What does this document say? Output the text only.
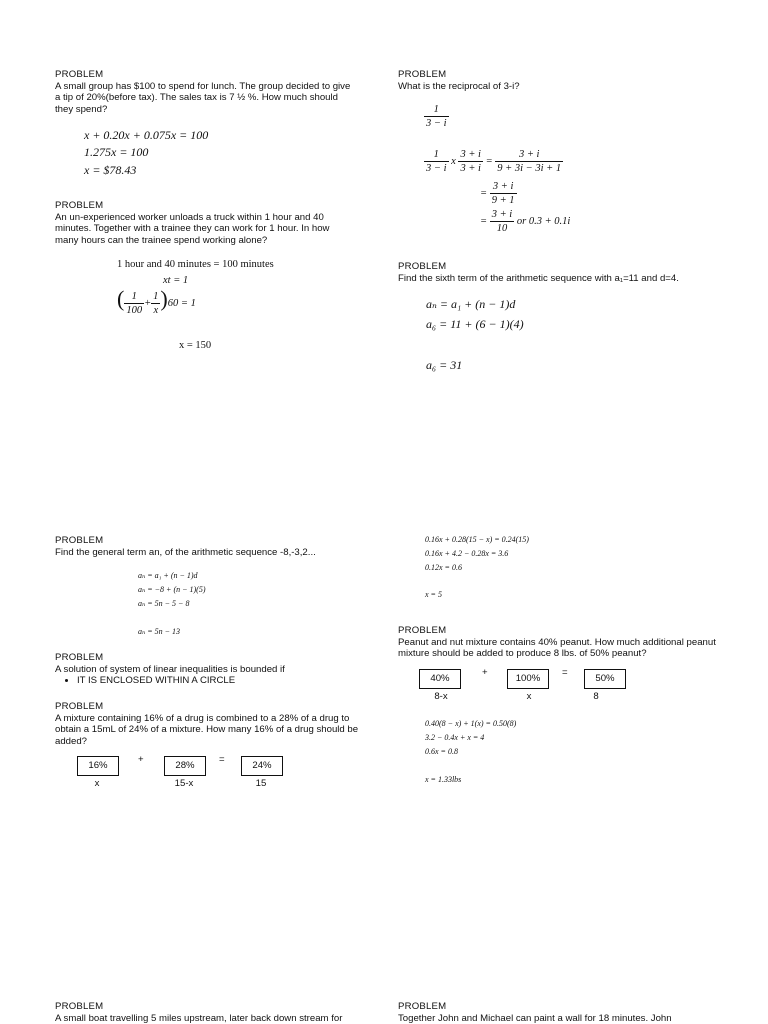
PROBLEM
A small group has $100 to spend for lunch. The group decided to give a tip of 20%(before tax). The sales tax is 7 ½ %. How much should they spend?
x + 0.20x + 0.075x = 100
1.275x = 100
x = $78.43
PROBLEM
What is the reciprocal of 3-i?
$\frac{1}{3 - i}$
$\frac{1}{3 - i}$ x $\frac{3 + i}{3 + i} = \frac{3 + i}{9 + 3i - 3i + 1}$
= $\frac{3 + i}{9 + 1}$
= $\frac{3 + i}{10}$ or 0.3 + 0.1i
PROBLEM
An un-experienced worker unloads a truck within 1 hour and 40 minutes. Together with a trainee they can work for 1 hour. In how many hours can the trainee spend working alone?
1 hour and 40 minutes = 100 minutes
xt = 1
( $\frac{1}{100} + \frac{1}{x} )60 = 1$
x = 150
PROBLEM
Find the sixth term of the arithmetic sequence with a₁=11 and d=4.
aₙ = a₁ + (n − 1)d
a₆ = 11 + (6 − 1)(4)
a₆ = 31
PROBLEM
Find the general term an, of the arithmetic sequence -8,-3,2...
aₙ = a₁ + (n − 1)d
aₙ = −8 + (n − 1)(5)
aₙ = 5n − 5 − 8
aₙ = 5n − 13
PROBLEM
A solution of system of linear inequalities is bounded if
• IT IS ENCLOSED WITHIN A CIRCLE
PROBLEM
A mixture containing 16% of a drug is combined to a 28% of a drug to obtain a 15mL of 24% of a mixture. How many 16% of a drug should be added?
16%
+
28%
=
24%
x	15-x	15
0.16x + 0.28(15 − x) = 0.24(15)
0.16x + 4.2 − 0.28x = 3.6
0.12x = 0.6
x = 5
PROBLEM
Peanut and nut mixture contains 40% peanut. How much additional peanut mixture should be added to produce 8 lbs. of 50% peanut?
40%
+
100%
=
50%
8-x	x	8
0.40(8 − x) + 1(x) = 0.50(8)
3.2 − 0.4x + x = 4
0.6x = 0.8
x = 1.33lbs
PROBLEM
A small boat travelling 5 miles upstream, later back down stream for
PROBLEM
Together John and Michael can paint a wall for 18 minutes. John
